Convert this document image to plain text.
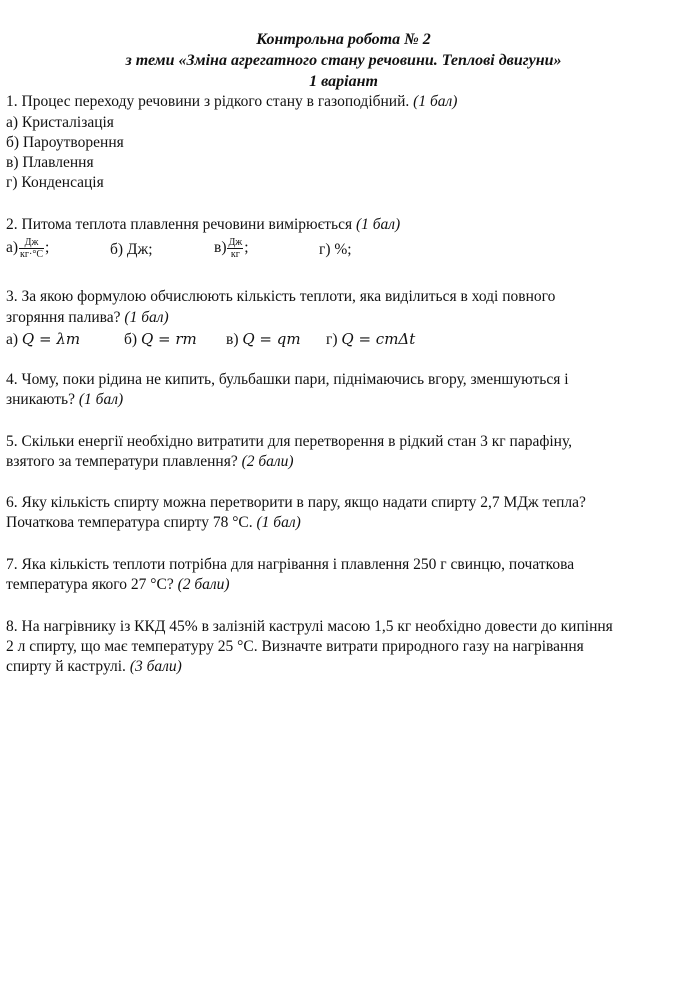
Контрольна робота № 2
з теми «Зміна агрегатного стану речовини. Теплові двигуни»
1 варіант
1. Процес переходу речовини з рідкого стану в газоподібний. (1 бал)
а) Кристалізація
б) Пароутворення
в) Плавлення
г) Конденсація
2. Питома теплота плавлення речовини вимірюється (1 бал)
$а) \frac{Дж}{кг\cdot^\circ С}$ ;	б) Дж;	$в) \frac{Дж}{кг}$ ;	г) %;
3. За якою формулою обчислюють кількість теплоти, яка виділиться в ході повного
згоряння палива? (1 бал)
а) Q = λm	б) Q = rm в) Q = qm г) Q = cmΔt
4. Чому, поки рідина не кипить, бульбашки пари, піднімаючись вгору, зменшуються і
зникають? (1 бал)
5. Скільки енергії необхідно витратити для перетворення в рідкий стан 3 кг парафіну,
взятого за температури плавлення? (2 бали)
6. Яку кількість спирту можна перетворити в пару, якщо надати спирту 2,7 МДж теплa?
Початкова температура спирту 78 °С. (1 бал)
7. Яка кількість теплоти потрібна для нагрівання і плавлення 250 г свинцю, початкова
температура якого 27 °С? (2 бали)
8. На нагрівнику із ККД 45% в залізній каструлі масою 1,5 кг необхідно довести до кипіння
2 л спирту, що має температуру 25 °С. Визначте витрати природного газу на нагрівання
спирту й каструлі. (3 бали)
